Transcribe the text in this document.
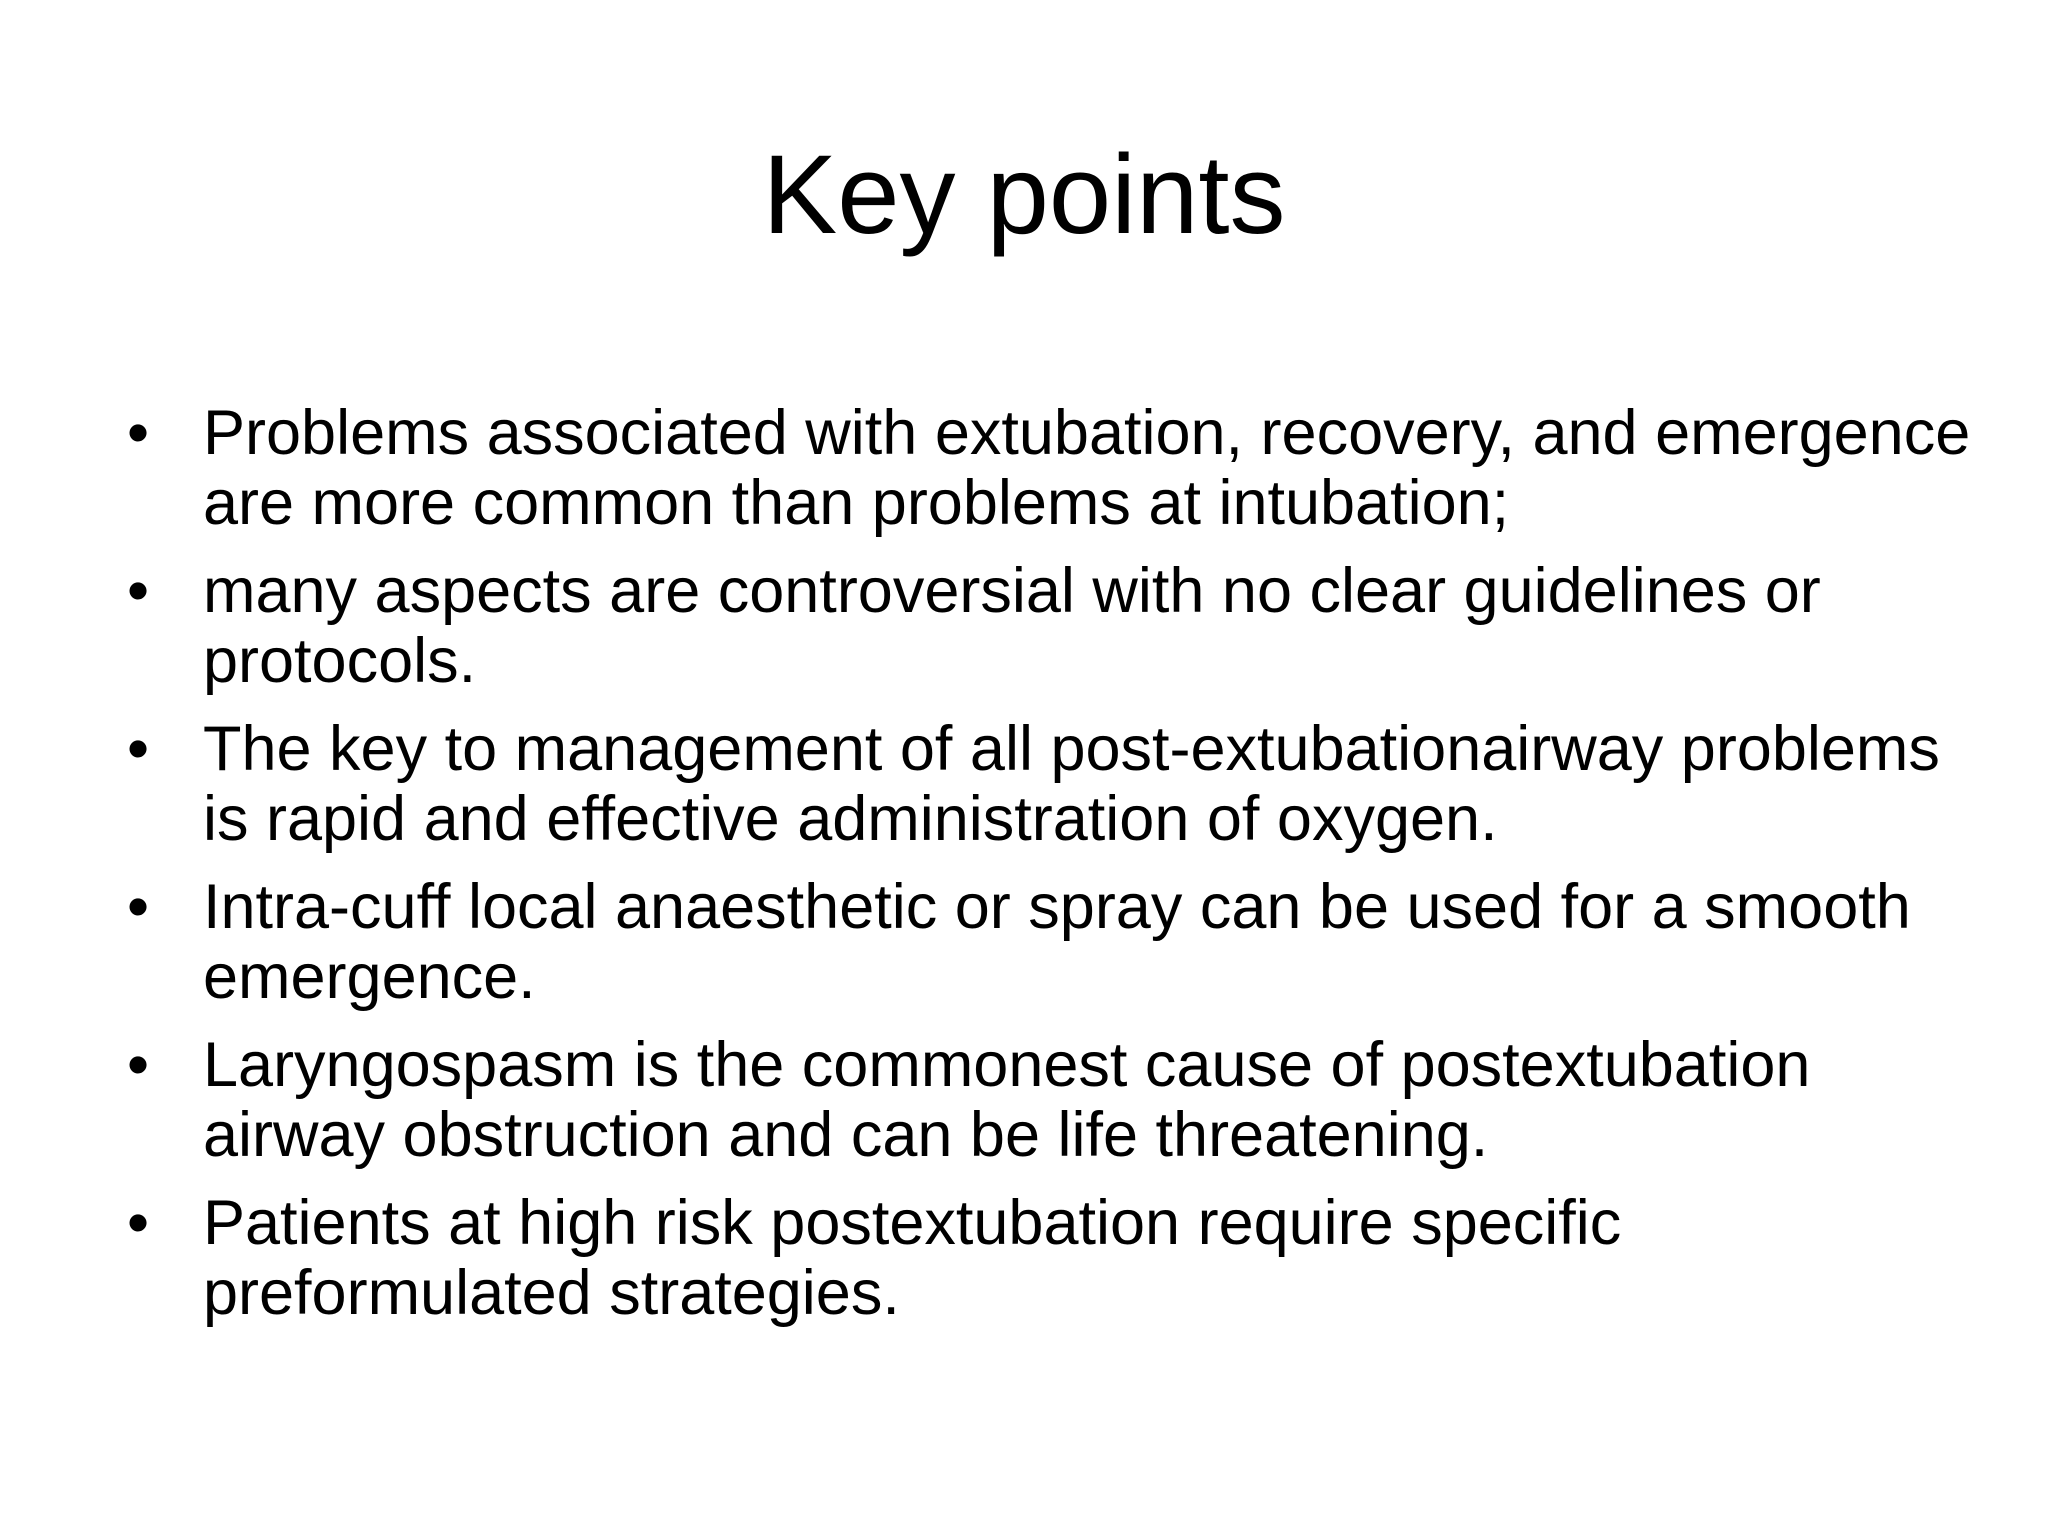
Key points
• Problems associated with extubation, recovery, and emergence are more common than problems at intubation;
• many aspects are controversial with no clear guidelines or protocols.
• The key to management of all post-extubationairway problems is rapid and effective administration of oxygen.
• Intra-cuff local anaesthetic or spray can be used for a smooth emergence.
• Laryngospasm is the commonest cause of postextubation airway obstruction and can be life threatening.
• Patients at high risk postextubation require specific preformulated strategies.
